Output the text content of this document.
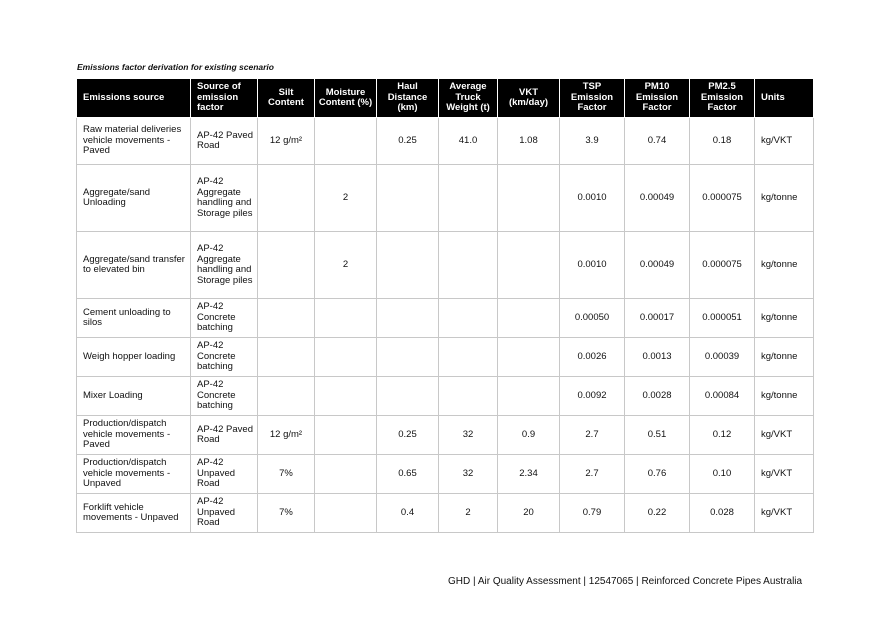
Emissions factor derivation for existing scenario
Emissions source	Source of emission factor	Silt Content	Moisture Content (%)	Haul Distance (km)	Average Truck Weight (t)	VKT (km/day)	TSP Emission Factor	PM10 Emission Factor	PM2.5 Emission Factor	Units
Raw material deliveries vehicle movements - Paved	AP-42 Paved Road	12 g/m²		0.25	41.0	1.08	3.9	0.74	0.18	kg/VKT
Aggregate/sand Unloading	AP-42 Aggregate handling and Storage piles		2				0.0010	0.00049	0.000075	kg/tonne
Aggregate/sand transfer to elevated bin	AP-42 Aggregate handling and Storage piles		2				0.0010	0.00049	0.000075	kg/tonne
Cement unloading to silos	AP-42 Concrete batching						0.00050	0.00017	0.000051	kg/tonne
Weigh hopper loading	AP-42 Concrete batching						0.0026	0.0013	0.00039	kg/tonne
Mixer Loading	AP-42 Concrete batching						0.0092	0.0028	0.00084	kg/tonne
Production/dispatch vehicle movements - Paved	AP-42 Paved Road	12 g/m²		0.25	32	0.9	2.7	0.51	0.12	kg/VKT
Production/dispatch vehicle movements - Unpaved	AP-42 Unpaved Road	7%		0.65	32	2.34	2.7	0.76	0.10	kg/VKT
Forklift vehicle movements - Unpaved	AP-42 Unpaved Road	7%		0.4	2	20	0.79	0.22	0.028	kg/VKT
GHD | Air Quality Assessment | 12547065 | Reinforced Concrete Pipes Australia
